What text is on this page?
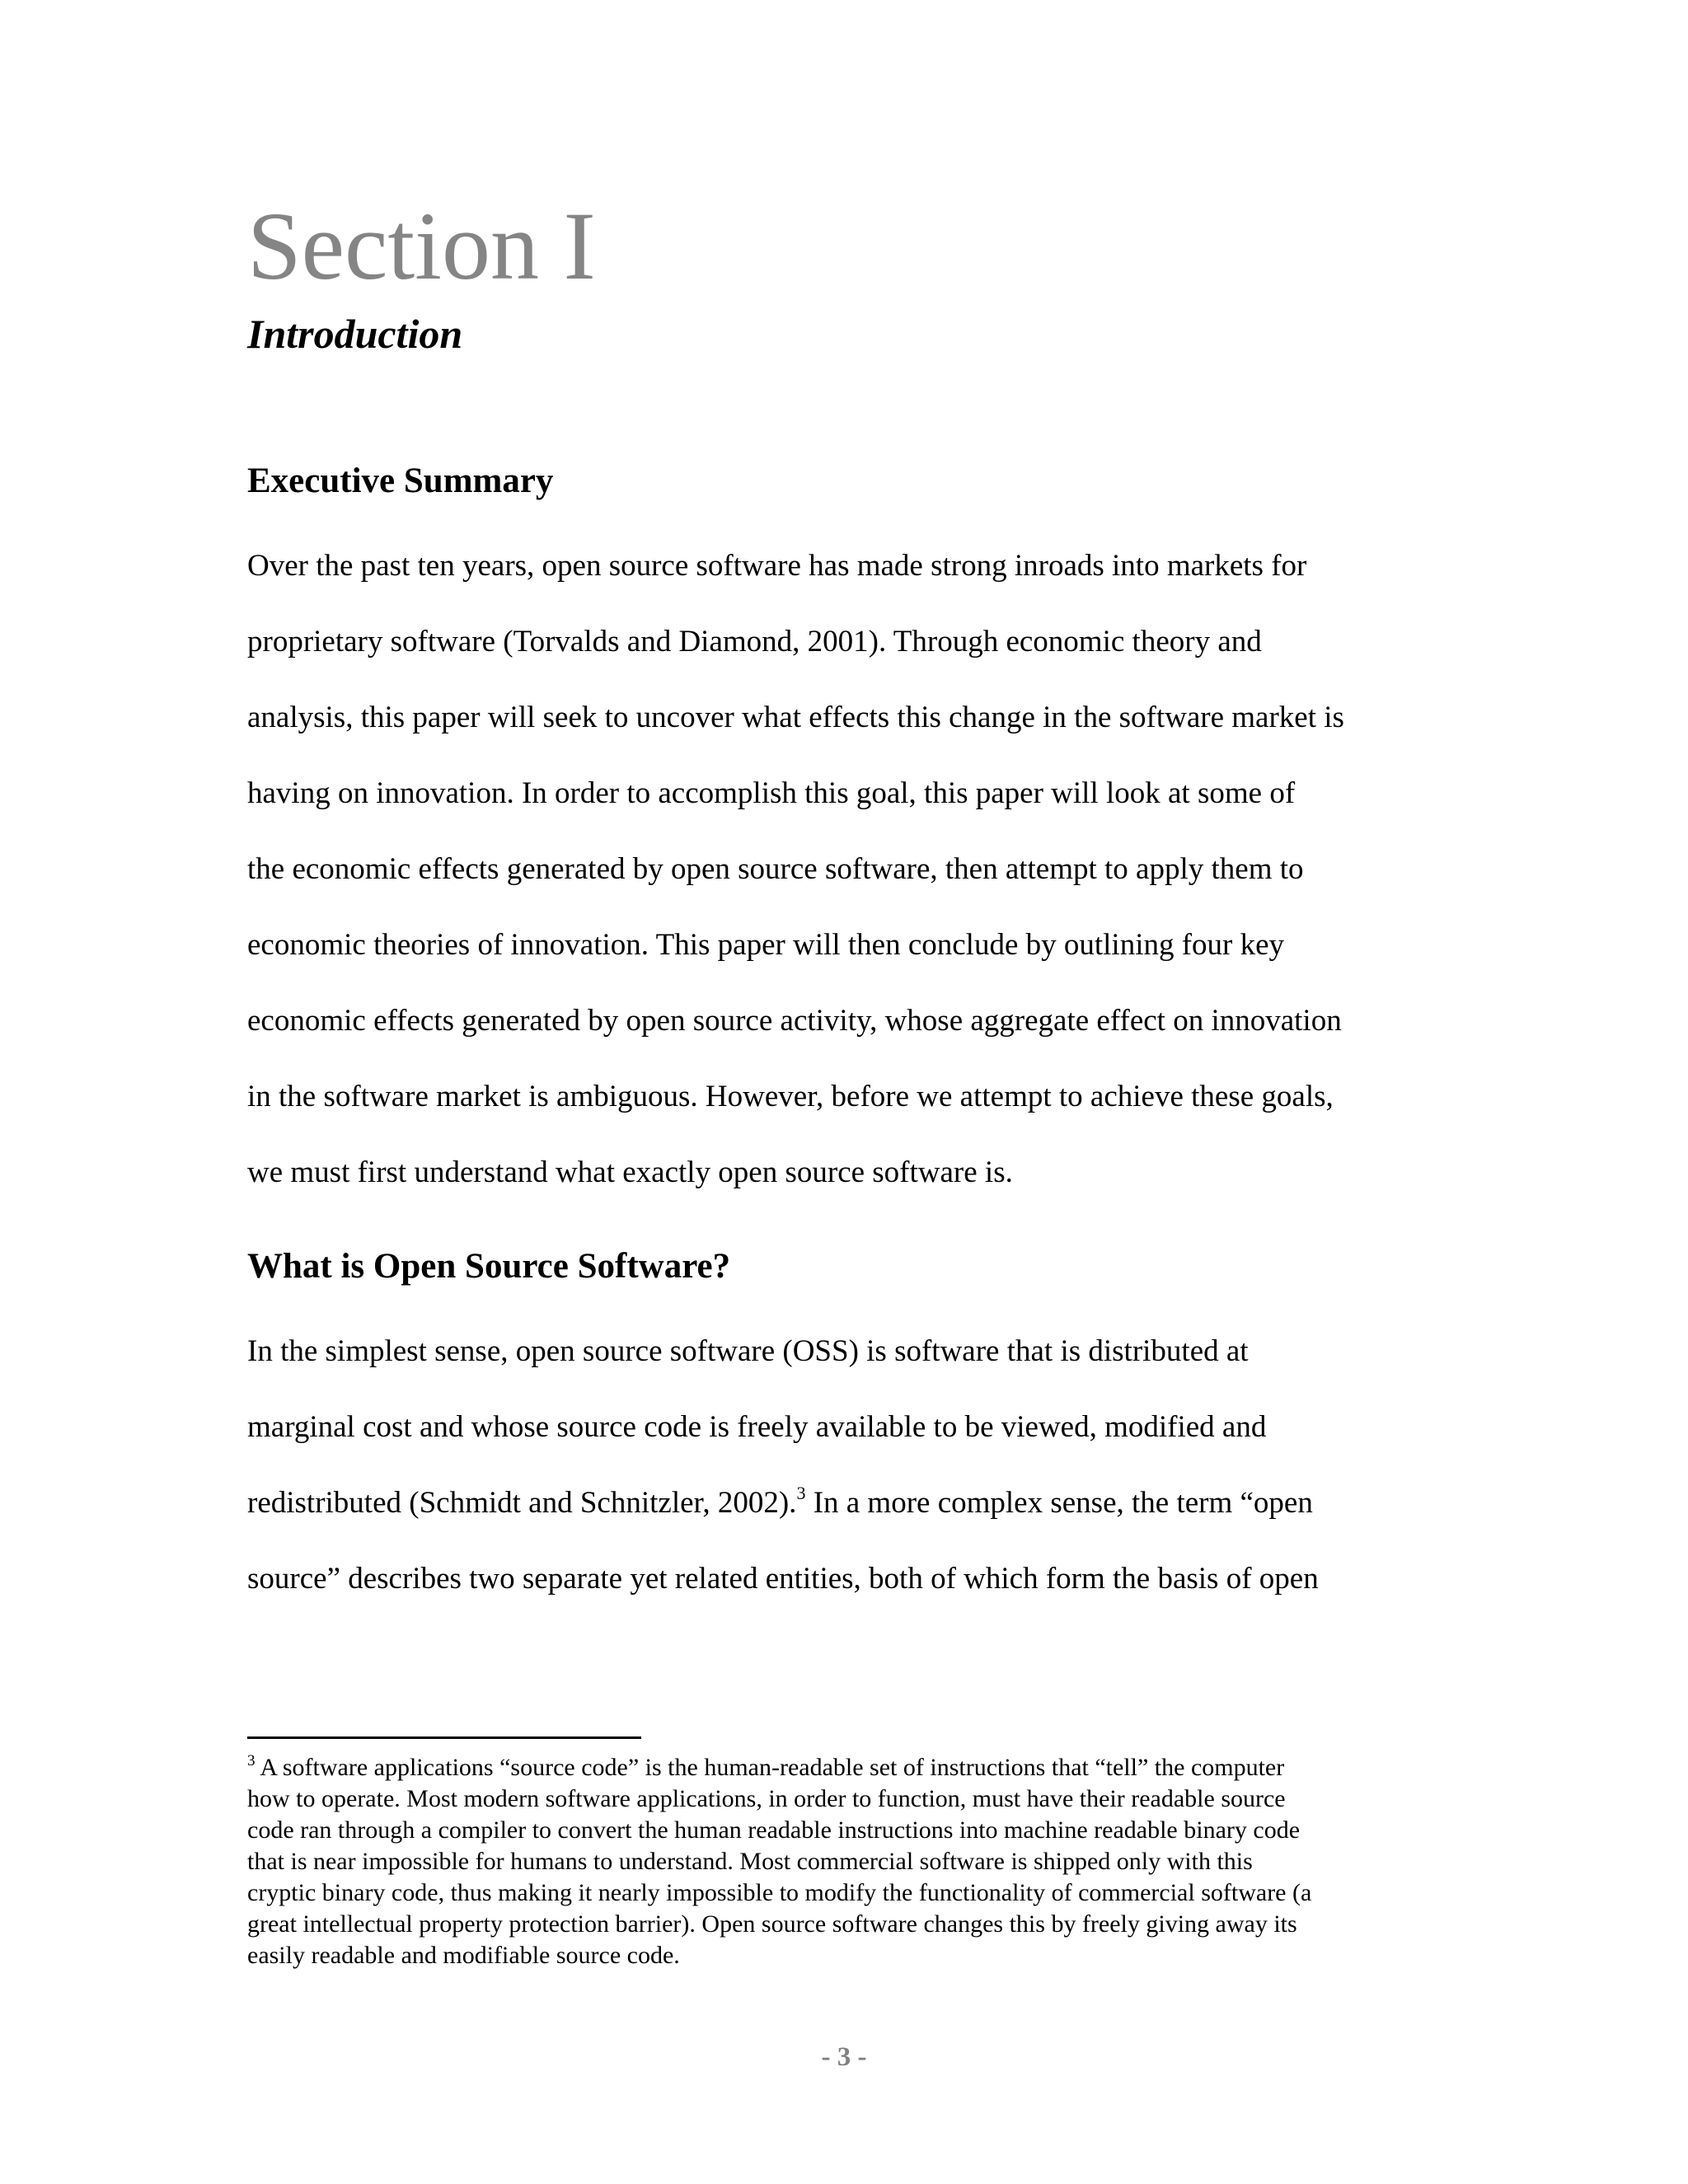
Section I
Introduction
Executive Summary

Over the past ten years, open source software has made strong inroads into markets for

proprietary software (Torvalds and Diamond, 2001). Through economic theory and

analysis, this paper will seek to uncover what effects this change in the software market is

having on innovation. In order to accomplish this goal, this paper will look at some of

the economic effects generated by open source software, then attempt to apply them to

economic theories of innovation. This paper will then conclude by outlining four key

economic effects generated by open source activity, whose aggregate effect on innovation

in the software market is ambiguous. However, before we attempt to achieve these goals,

we must first understand what exactly open source software is.

What is Open Source Software?

In the simplest sense, open source software (OSS) is software that is distributed at

marginal cost and whose source code is freely available to be viewed, modified and

redistributed (Schmidt and Schnitzler, 2002).$^3$ In a more complex sense, the term “open

source” describes two separate yet related entities, both of which form the basis of open

$^3$ A software applications “source code” is the human-readable set of instructions that “tell” the computer

how to operate. Most modern software applications, in order to function, must have their readable source

code ran through a compiler to convert the human readable instructions into machine readable binary code

that is near impossible for humans to understand. Most commercial software is shipped only with this

cryptic binary code, thus making it nearly impossible to modify the functionality of commercial software (a

great intellectual property protection barrier). Open source software changes this by freely giving away its

easily readable and modifiable source code.

- 3 -
